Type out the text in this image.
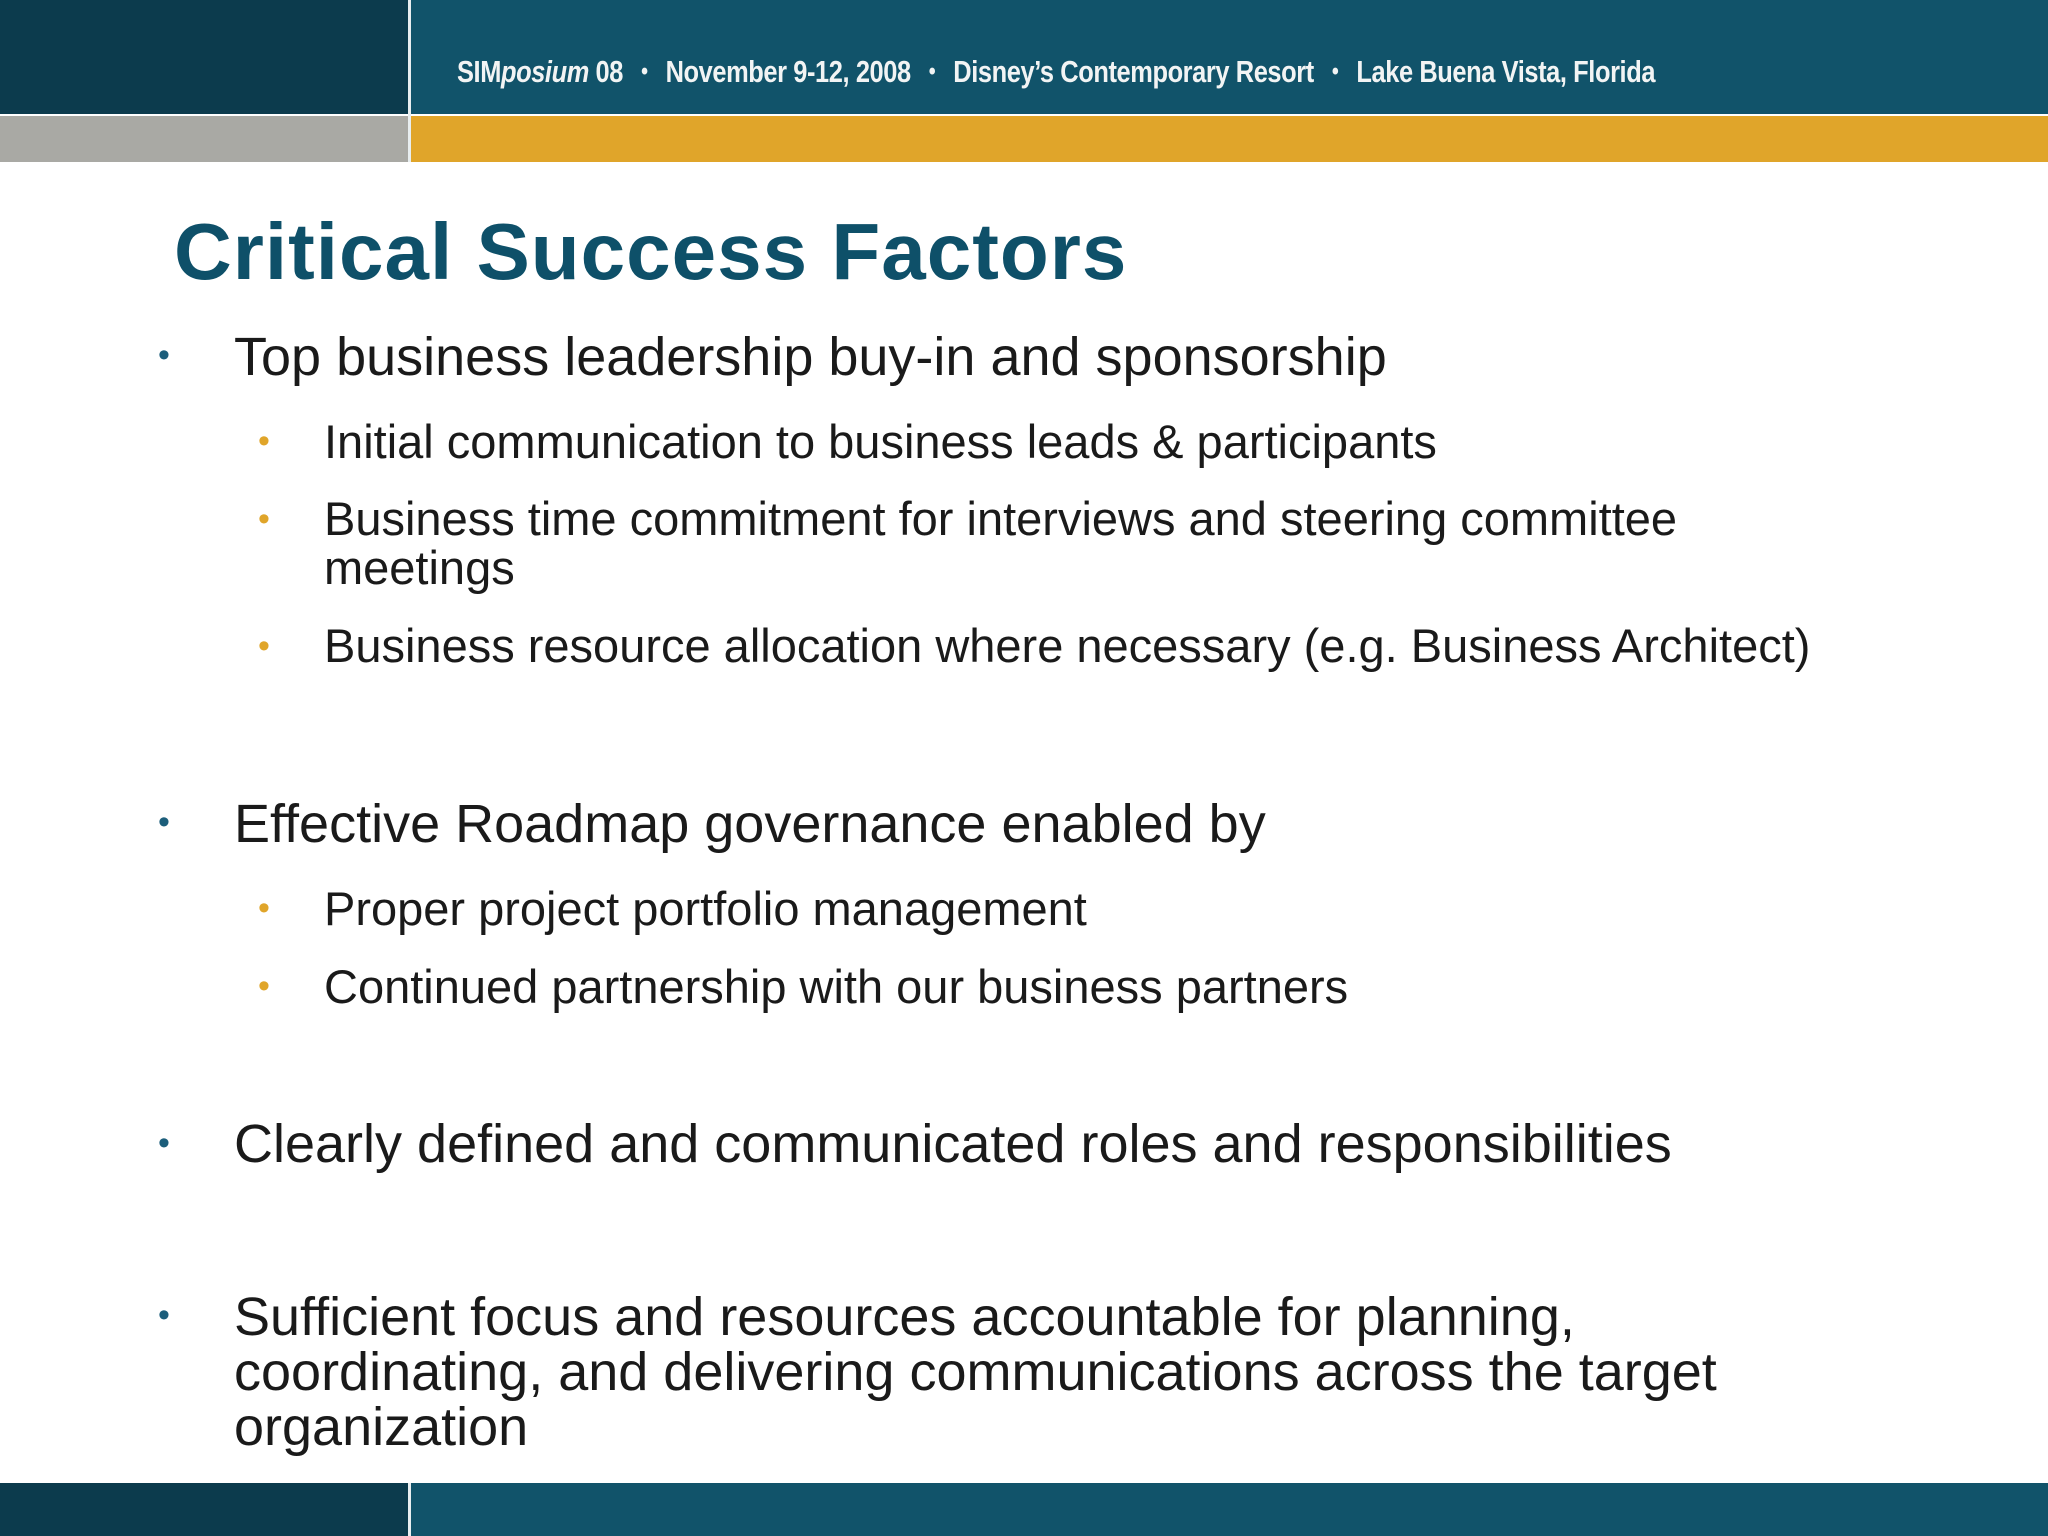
SIMposium 08 • November 9-12, 2008 • Disney’s Contemporary Resort • Lake Buena Vista, Florida
Critical Success Factors
• Top business leadership buy-in and sponsorship

• Initial communication to business leads & participants

• Business time commitment for interviews and steering committee meetings

• Business resource allocation where necessary (e.g. Business Architect)

• Effective Roadmap governance enabled by

• Proper project portfolio management

• Continued partnership with our business partners

• Clearly defined and communicated roles and responsibilities

• Sufficient focus and resources accountable for planning, coordinating, and delivering communications across the target organization
